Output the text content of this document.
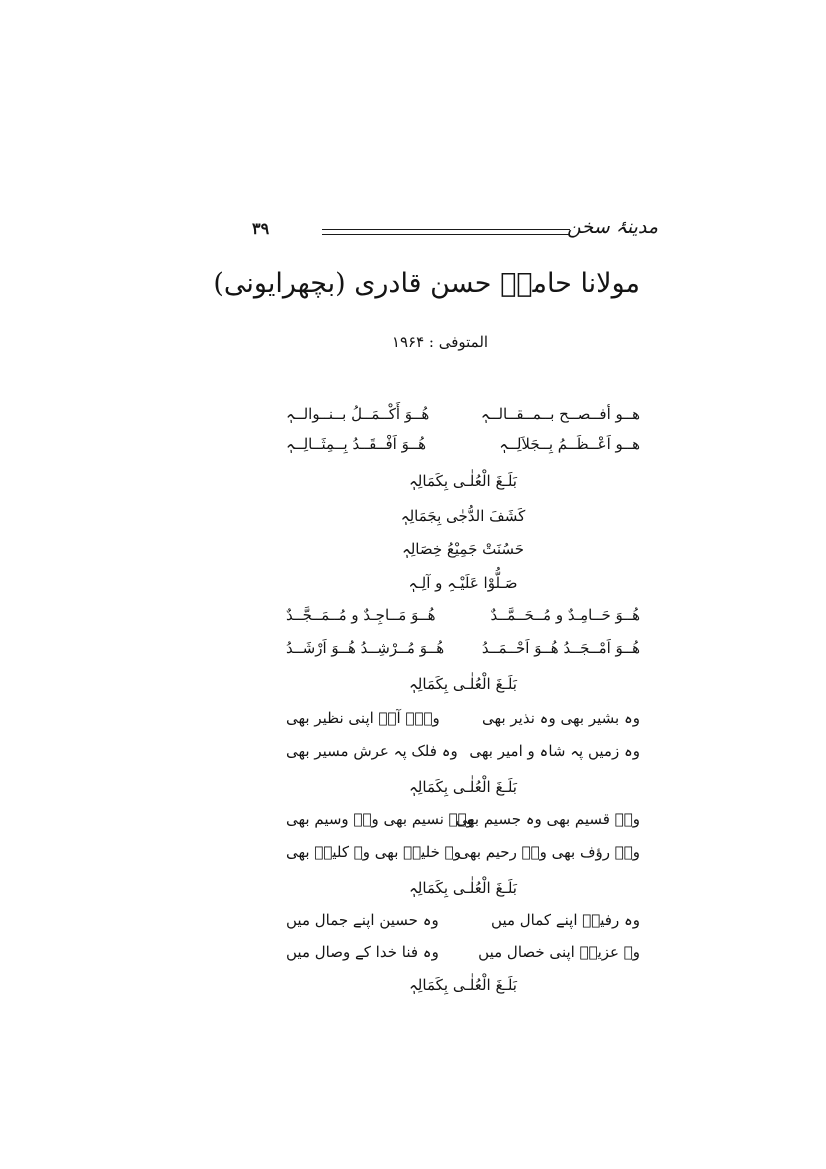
مدینۂ سخن
۳۹
مولانا حامدؔ حسن قادری (بچھرایونی)
المتوفی : ۱۹۶۴
ھــو أفــصــح بــمــقــالــہٖ
ھُــوَ أَکْــمَــلُ بــنــوالــہٖ
ھــو اَعْــظَــمُ بِــجَلاَلِــہٖ
ھُــوَ اَفْــقَــدُ بِــمِثَــالِــہٖ
بَلَـغَ الْعُلٰـی بِکَمَالِہٖ
کَشَفَ الدُّجٰی بِجَمَالِہٖ
حَسُنَتْ جَمِیْعُ خِصَالِہٖ
صَـلُّوْا عَلَیْـہِ و آلِـہٖ
ھُــوَ حَــامِـدٌ و مُــحَــمَّــدٌ
ھُــوَ مَــاجِـدٌ و مُــمَــجَّــدٌ
ھُــوَ اَمْــجَــدُ ھُــوَ اَحْــمَــدُ
ھُــوَ مُــرْشِــدُ ھُــوَ اَرْشَــدُ
بَلَـغَ الْعُلٰـی بِکَمَالِہٖ
وہ بشیر بھی وہ نذیر بھی
وہیؔ آپؐ اپنی نظیر بھی
وہ زمیں پہ شاہ و امیر بھی
وہ فلک پہ عرش مسیر بھی
بَلَـغَ الْعُلٰـی بِکَمَالِہٖ
وہؔ قسیم بھی وہ جسیم بھی
وہؔ نسیم بھی وہؔ وسیم بھی
وہؔ رؤف بھی وہؔ رحیم بھی
وہ خلیلؔ بھی وہ کلیمؔ بھی
بَلَـغَ الْعُلٰـی بِکَمَالِہٖ
وہ رفیعؔ اپنے کمال میں
وہ حسین اپنے جمال میں
وہ عزیزؔ اپنی خصال میں
وہ فنا خدا کے وصال میں
بَلَـغَ الْعُلٰـی بِکَمَالِہٖ
